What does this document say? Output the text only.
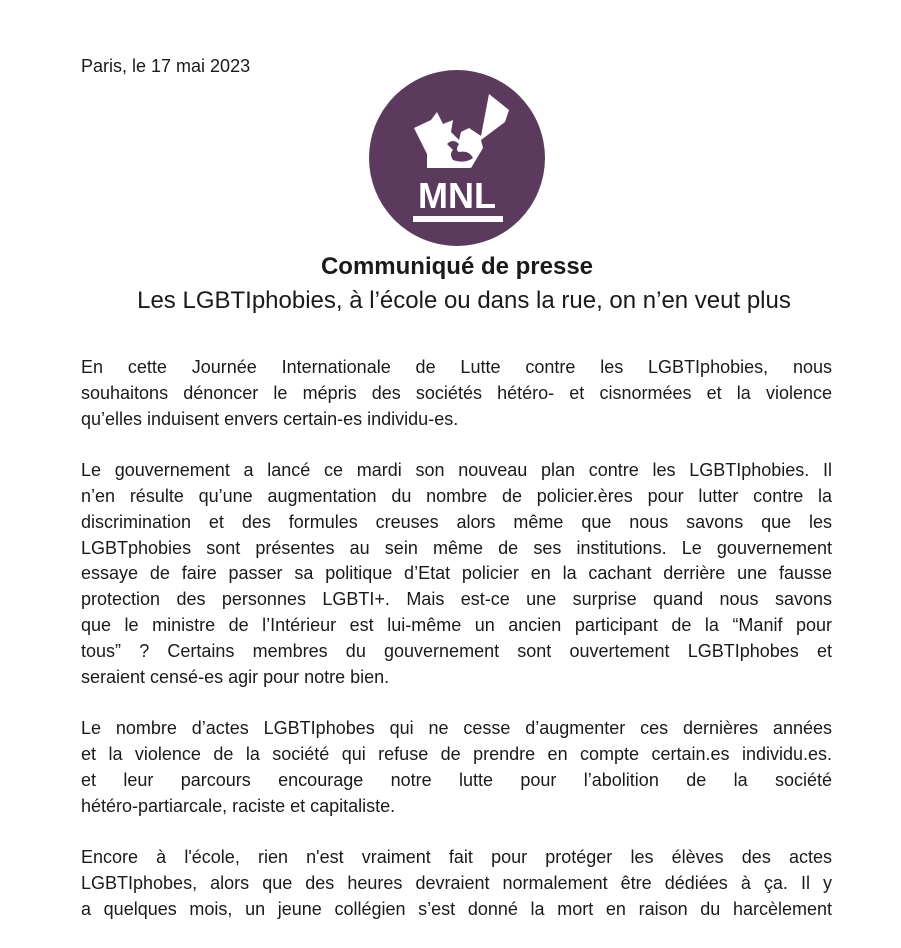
Paris, le 17 mai 2023
MNL
Communiqué de presse
Les LGBTIphobies, à l’école ou dans la rue, on n’en veut plus
En cette Journée Internationale de Lutte contre les LGBTIphobies, nous
souhaitons dénoncer le mépris des sociétés hétéro- et cisnormées et la violence
qu’elles induisent envers certain-es individu-es.
Le gouvernement a lancé ce mardi son nouveau plan contre les LGBTIphobies. Il
n’en résulte qu’une augmentation du nombre de policier.ères pour lutter contre la
discrimination et des formules creuses alors même que nous savons que les
LGBTphobies sont présentes au sein même de ses institutions. Le gouvernement
essaye de faire passer sa politique d’Etat policier en la cachant derrière une fausse
protection des personnes LGBTI+. Mais est-ce une surprise quand nous savons
que le ministre de l’Intérieur est lui-même un ancien participant de la “Manif pour
tous” ? Certains membres du gouvernement sont ouvertement LGBTIphobes et
seraient censé-es agir pour notre bien.
Le nombre d’actes LGBTIphobes qui ne cesse d’augmenter ces dernières années
et la violence de la société qui refuse de prendre en compte certain.es individu.es.
et leur parcours encourage notre lutte pour l’abolition de la société
hétéro-partiarcale, raciste et capitaliste.
Encore à l'école, rien n'est vraiment fait pour protéger les élèves des actes
LGBTIphobes, alors que des heures devraient normalement être dédiées à ça. Il y
a quelques mois, un jeune collégien s’est donné la mort en raison du harcèlement
